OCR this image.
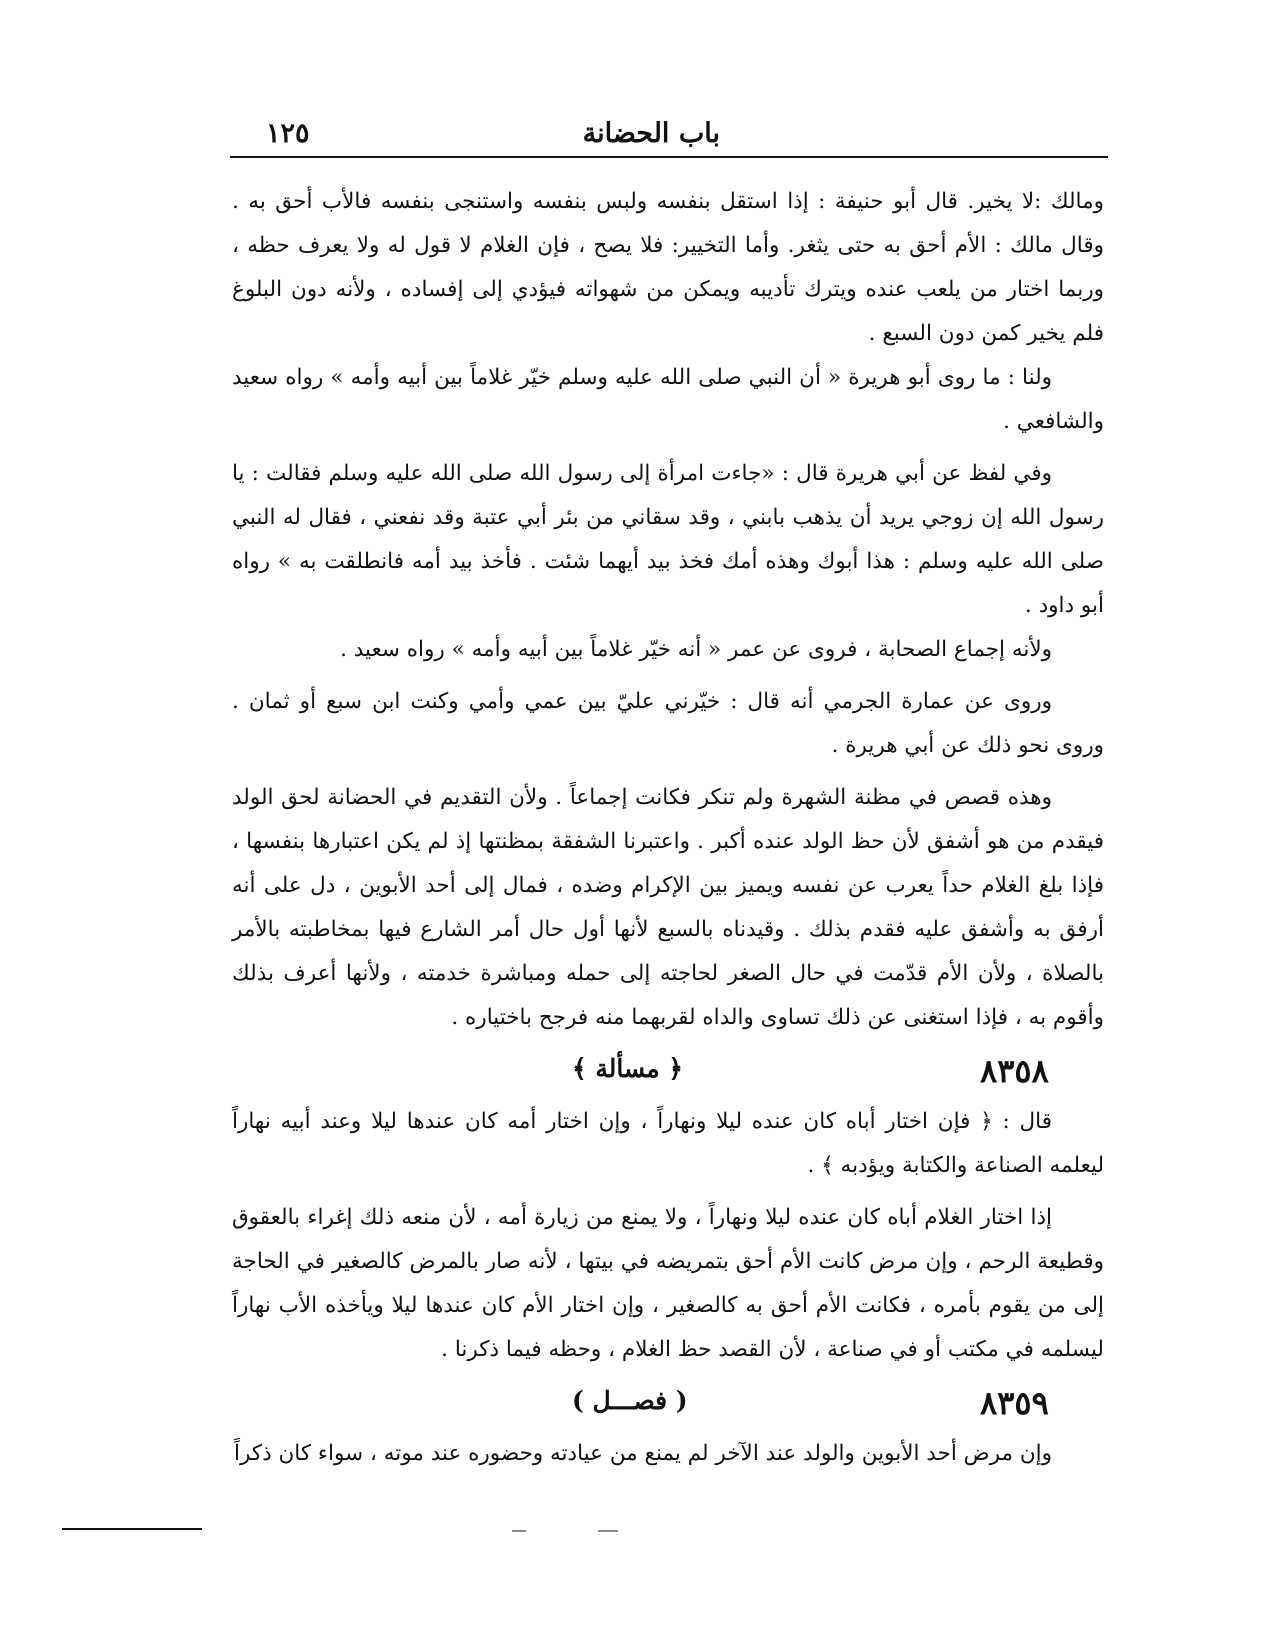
باب الحضانة
١٢٥

ومالك :لا يخير. قال أبو حنيفة : إذا استقل بنفسه ولبس بنفسه واستنجى بنفسه فالأب أحق به . وقال مالك : الأم أحق به حتى يثغر. وأما التخيير: فلا يصح ، فإن الغلام لا قول له ولا يعرف حظه ، وربما اختار من يلعب عنده ويترك تأديبه ويمكن من شهواته فيؤدي إلى إفساده ، ولأنه دون البلوغ فلم يخير كمن دون السبع .

ولنا : ما روى أبو هريرة « أن النبي صلى الله عليه وسلم خيّر غلاماً بين أبيه وأمه » رواه سعيد والشافعي .

وفي لفظ عن أبي هريرة قال : «جاءت امرأة إلى رسول الله صلى الله عليه وسلم فقالت : يا رسول الله إن زوجي يريد أن يذهب بابني ، وقد سقاني من بئر أبي عتبة وقد نفعني ، فقال له النبي صلى الله عليه وسلم : هذا أبوك وهذه أمك فخذ بيد أيهما شئت . فأخذ بيد أمه فانطلقت به » رواه أبو داود .

ولأنه إجماع الصحابة ، فروى عن عمر « أنه خيّر غلاماً بين أبيه وأمه » رواه سعيد .

وروى عن عمارة الجرمي أنه قال : خيّرني عليّ بين عمي وأمي وكنت ابن سبع أو ثمان . وروى نحو ذلك عن أبي هريرة .

وهذه قصص في مظنة الشهرة ولم تنكر فكانت إجماعاً . ولأن التقديم في الحضانة لحق الولد فيقدم من هو أشفق لأن حظ الولد عنده أكبر . واعتبرنا الشفقة بمظنتها إذ لم يكن اعتبارها بنفسها ، فإذا بلغ الغلام حداً يعرب عن نفسه ويميز بين الإكرام وضده ، فمال إلى أحد الأبوين ، دل على أنه أرفق به وأشفق عليه فقدم بذلك . وقيدناه بالسبع لأنها أول حال أمر الشارع فيها بمخاطبته بالأمر بالصلاة ، ولأن الأم قدّمت في حال الصغر لحاجته إلى حمله ومباشرة خدمته ، ولأنها أعرف بذلك وأقوم به ، فإذا استغنى عن ذلك تساوى والداه لقربهما منه فرجح باختياره .

٨٣٥٨
﴿ مسألة ﴾

قال : ﴿ فإن اختار أباه كان عنده ليلا ونهاراً ، وإن اختار أمه كان عندها ليلا وعند أبيه نهاراً ليعلمه الصناعة والكتابة ويؤدبه ﴾ .

إذا اختار الغلام أباه كان عنده ليلا ونهاراً ، ولا يمنع من زيارة أمه ، لأن منعه ذلك إغراء بالعقوق وقطيعة الرحم ، وإن مرض كانت الأم أحق بتمريضه في بيتها ، لأنه صار بالمرض كالصغير في الحاجة إلى من يقوم بأمره ، فكانت الأم أحق به كالصغير ، وإن اختار الأم كان عندها ليلا ويأخذه الأب نهاراً ليسلمه في مكتب أو في صناعة ، لأن القصد حظ الغلام ، وحظه فيما ذكرنا .

٨٣٥٩
( فصـــل )

وإن مرض أحد الأبوين والولد عند الآخر لم يمنع من عيادته وحضوره عند موته ، سواء كان ذكراً
